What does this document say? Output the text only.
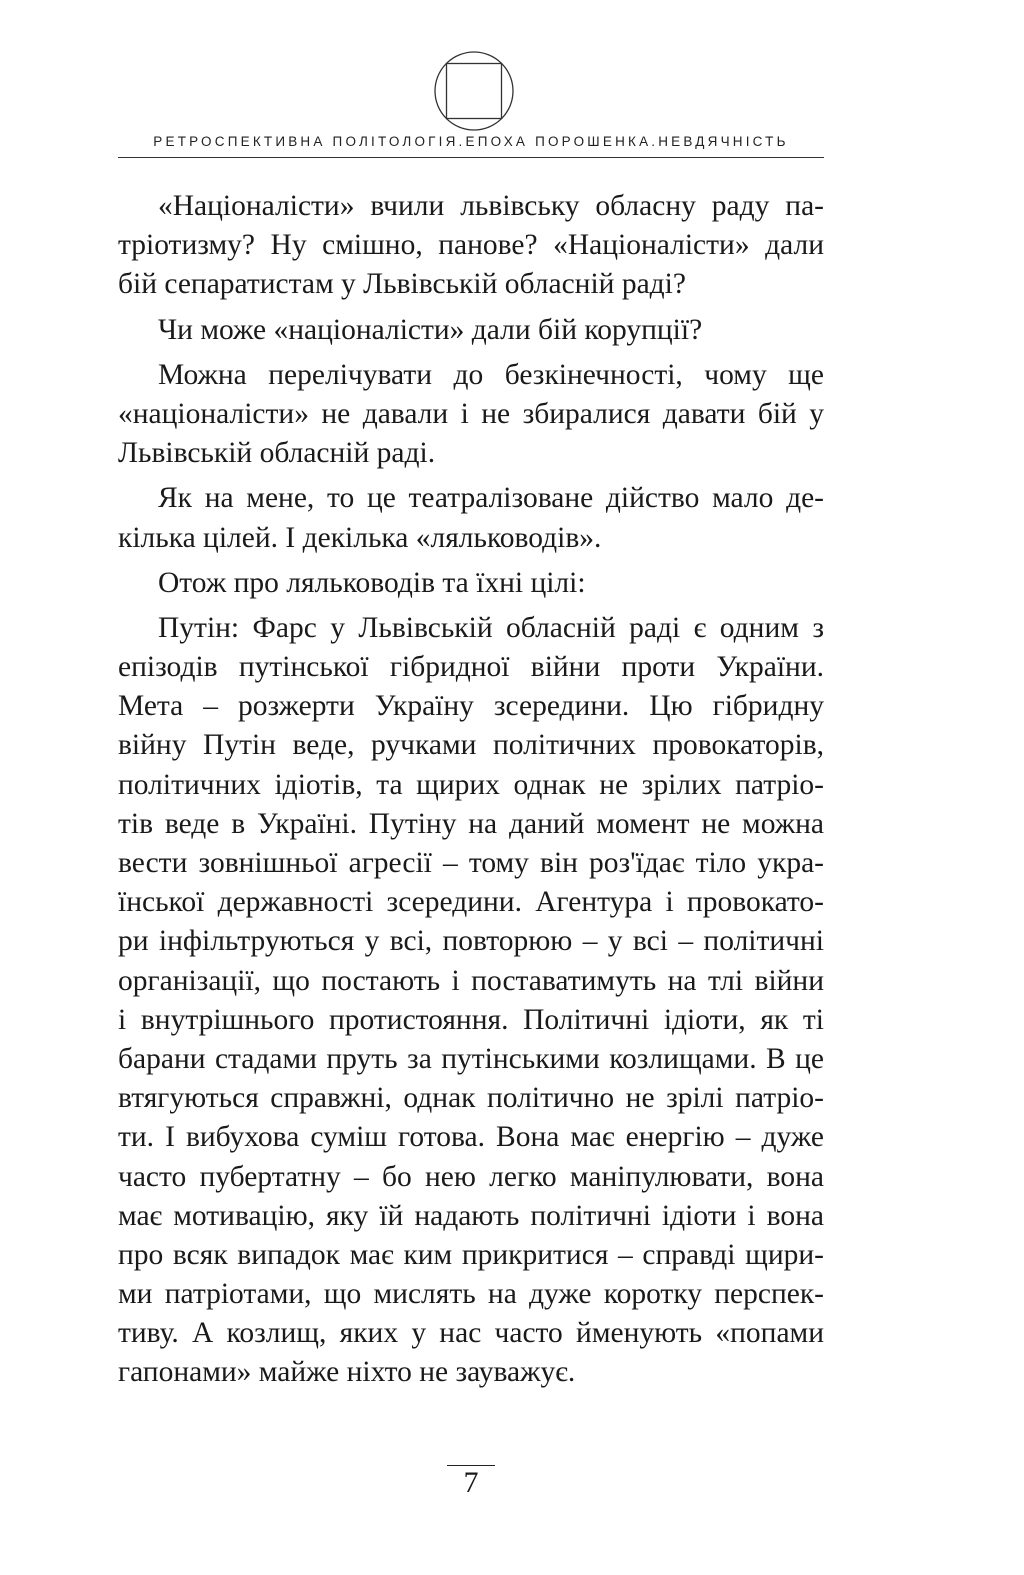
РЕТРОСПЕКТИВНА ПОЛІТОЛОГІЯ.ЕПОХА ПОРОШЕНКА.НЕВДЯЧНІСТЬ
«Націоналісти» вчили львівську обласну раду па-
тріотизму? Ну смішно, панове? «Націоналісти» дали
бій сепаратистам у Львівській обласній раді?
Чи може «націоналісти» дали бій корупції?
Можна перелічувати до безкінечності, чому ще
«націоналісти» не давали і не збиралися давати бій у
Львівській обласній раді.
Як на мене, то це театралізоване дійство мало де-
кілька цілей. І декілька «ляльководів».
Отож про ляльководів та їхні цілі:
Путін: Фарс у Львівській обласній раді є одним з
епізодів путінської гібридної війни проти України.
Мета – розжерти Україну зсередини. Цю гібридну
війну Путін веде, ручками політичних провокаторів,
політичних ідіотів, та щирих однак не зрілих патріо-
тів веде в Україні. Путіну на даний момент не можна
вести зовнішньої агресії – тому він роз'їдає тіло укра-
їнської державності зсередини. Агентура і провокато-
ри інфільтруються у всі, повторюю – у всі – політичні
організації, що постають і поставатимуть на тлі війни
і внутрішнього протистояння. Політичні ідіоти, як ті
барани стадами пруть за путінськими козлищами. В це
втягуються справжні, однак політично не зрілі патріо-
ти. І вибухова суміш готова. Вона має енергію – дуже
часто пубертатну – бо нею легко маніпулювати, вона
має мотивацію, яку їй надають політичні ідіоти і вона
про всяк випадок має ким прикритися – справді щири-
ми патріотами, що мислять на дуже коротку перспек-
тиву. А козлищ, яких у нас часто йменують «попами
гапонами» майже ніхто не зауважує.
7
